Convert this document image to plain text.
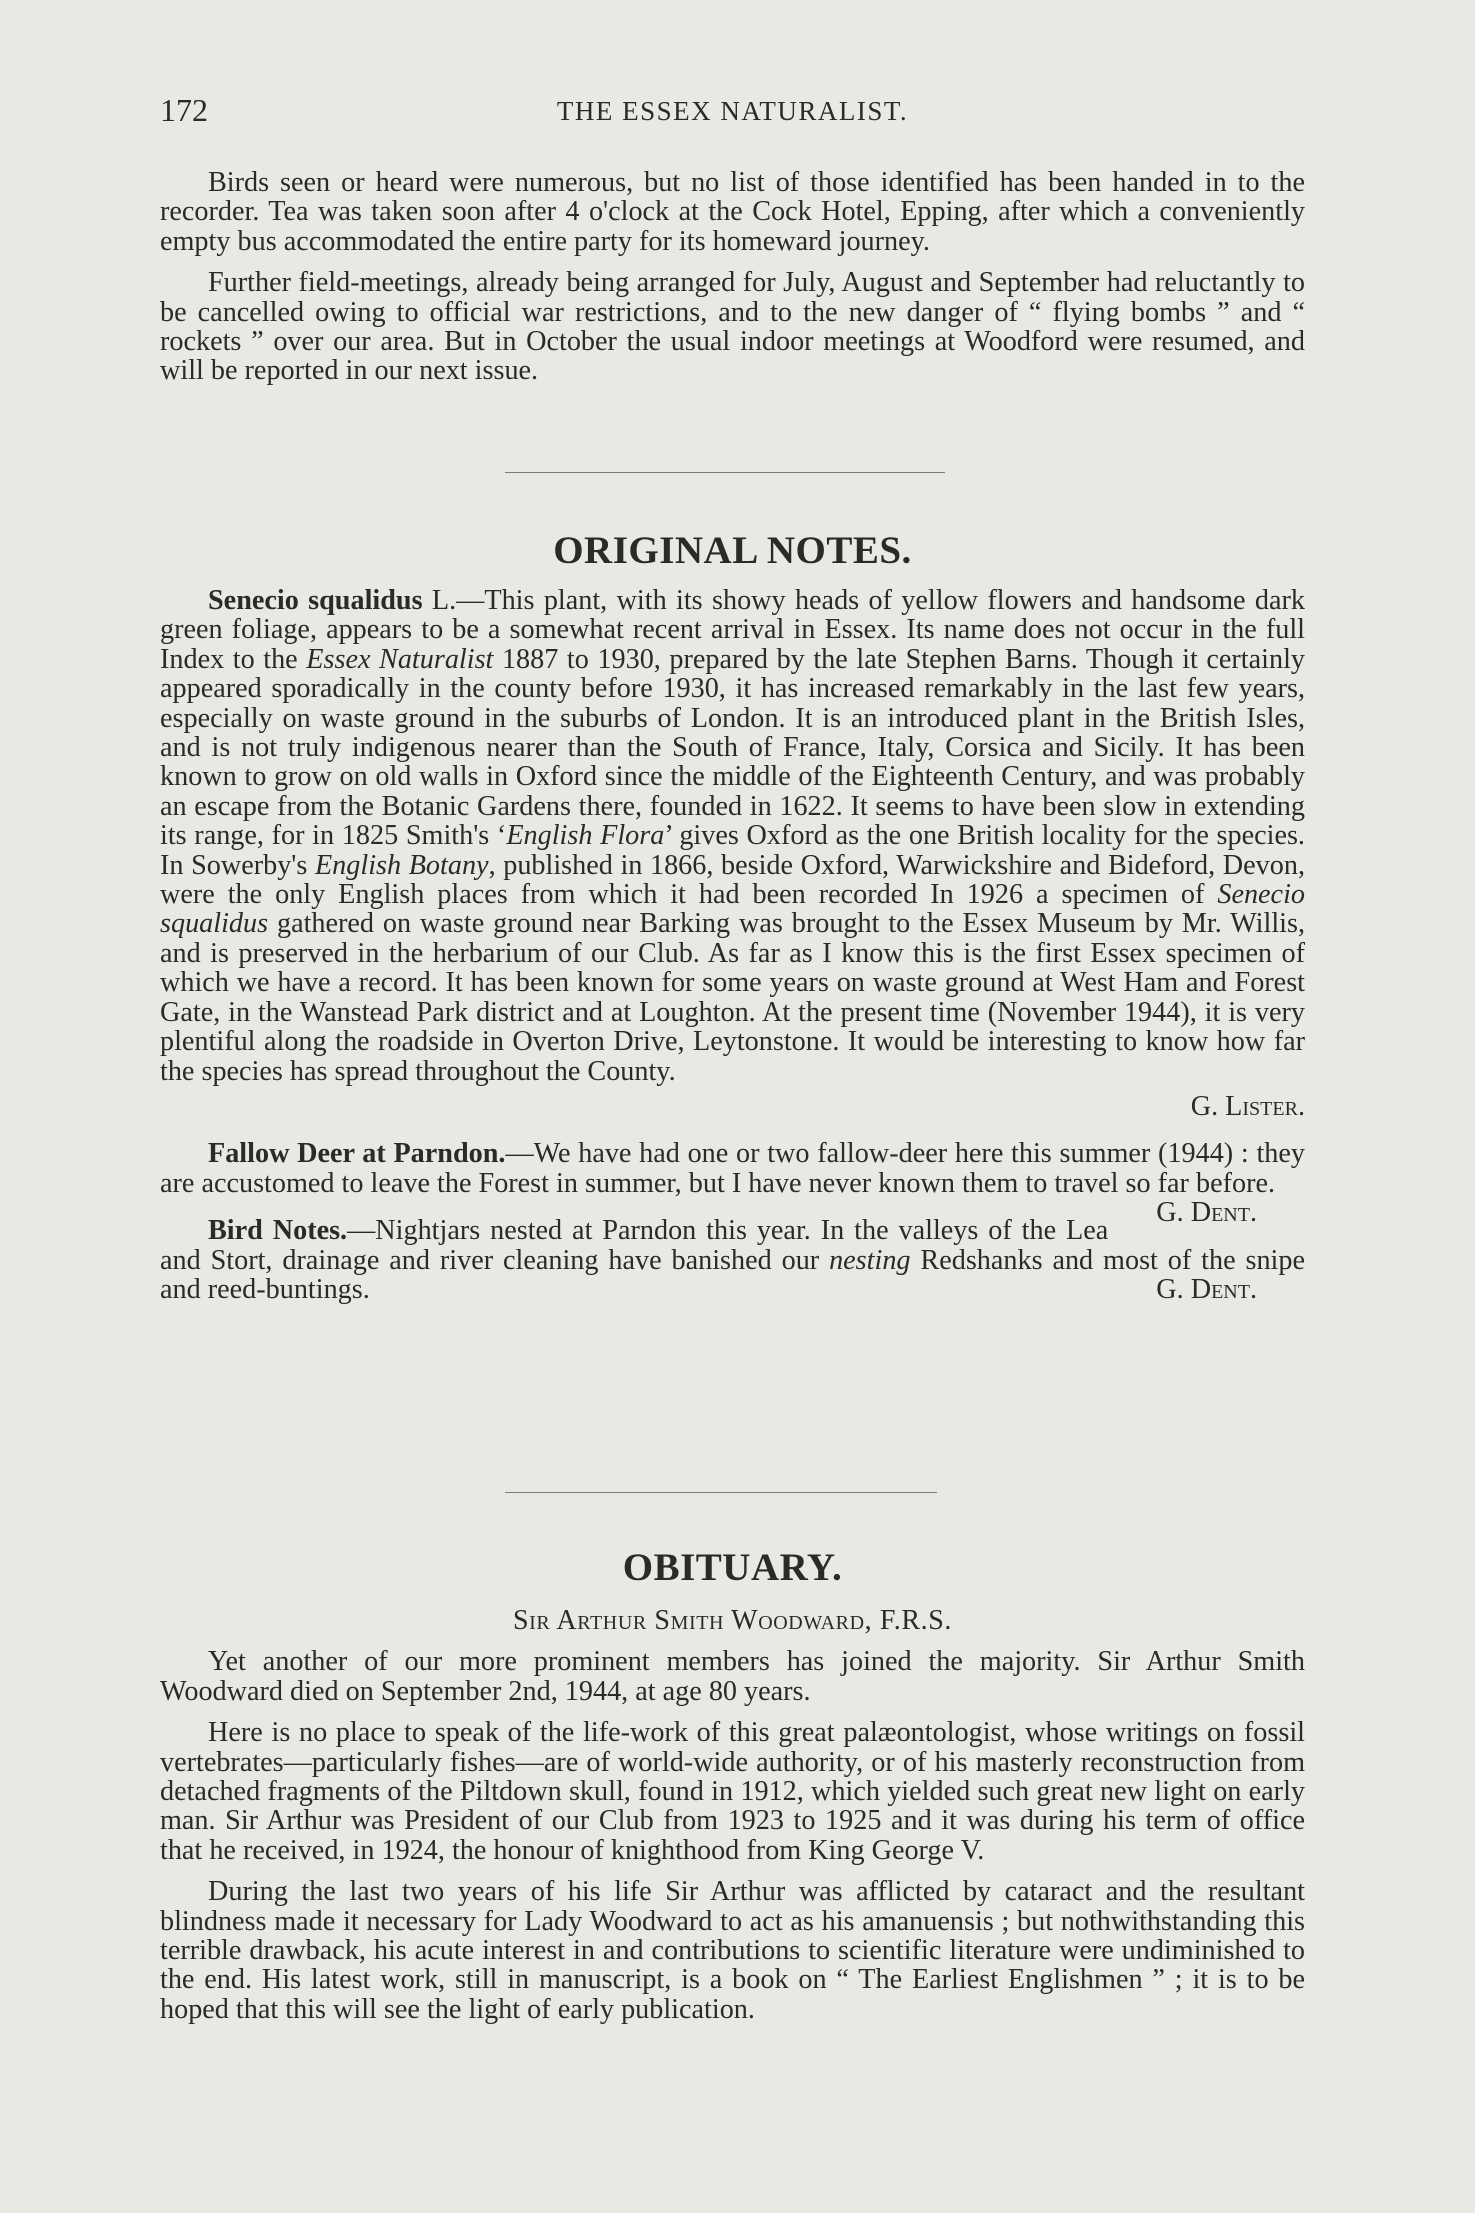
172	THE ESSEX NATURALIST.

Birds seen or heard were numerous, but no list of those identified has been handed in to the recorder. Tea was taken soon after 4 o'clock at the Cock Hotel, Epping, after which a conveniently empty bus accommodated the entire party for its homeward journey.

Further field-meetings, already being arranged for July, August and September had reluctantly to be cancelled owing to official war restrictions, and to the new danger of “ flying bombs ” and “ rockets ” over our area. But in October the usual indoor meetings at Woodford were resumed, and will be reported in our next issue.

ORIGINAL NOTES.

Senecio squalidus L.—This plant, with its showy heads of yellow flowers and handsome dark green foliage, appears to be a somewhat recent arrival in Essex. Its name does not occur in the full Index to the Essex Naturalist 1887 to 1930, prepared by the late Stephen Barns. Though it certainly appeared sporadically in the county before 1930, it has increased remarkably in the last few years, especially on waste ground in the suburbs of London. It is an introduced plant in the British Isles, and is not truly indigenous nearer than the South of France, Italy, Corsica and Sicily. It has been known to grow on old walls in Oxford since the middle of the Eighteenth Century, and was probably an escape from the Botanic Gardens there, founded in 1622. It seems to have been slow in extending its range, for in 1825 Smith's ‘English Flora’ gives Oxford as the one British locality for the species. In Sowerby's English Botany, published in 1866, beside Oxford, Warwickshire and Bideford, Devon, were the only English places from which it had been recorded In 1926 a specimen of Senecio squalidus gathered on waste ground near Barking was brought to the Essex Museum by Mr. Willis, and is preserved in the herbarium of our Club. As far as I know this is the first Essex specimen of which we have a record. It has been known for some years on waste ground at West Ham and Forest Gate, in the Wanstead Park district and at Loughton. At the present time (November 1944), it is very plentiful along the roadside in Overton Drive, Leytonstone. It would be interesting to know how far the species has spread throughout the County.

G. Lister.

Fallow Deer at Parndon.—We have had one or two fallow-deer here this summer (1944) : they are accustomed to leave the Forest in summer, but I have never known them to travel so far before.
G. Dent.

Bird Notes.—Nightjars nested at Parndon this year. In the valleys of the Lea and Stort, drainage and river cleaning have banished our nesting Redshanks and most of the snipe and reed-buntings.	G. Dent.

OBITUARY.
Sir Arthur Smith Woodward, F.R.S.

Yet another of our more prominent members has joined the majority. Sir Arthur Smith Woodward died on September 2nd, 1944, at age 80 years.

Here is no place to speak of the life-work of this great palæontologist, whose writings on fossil vertebrates—particularly fishes—are of world-wide authority, or of his masterly reconstruction from detached fragments of the Piltdown skull, found in 1912, which yielded such great new light on early man. Sir Arthur was President of our Club from 1923 to 1925 and it was during his term of office that he received, in 1924, the honour of knighthood from King George V.

During the last two years of his life Sir Arthur was afflicted by cataract and the resultant blindness made it necessary for Lady Woodward to act as his amanuensis ; but nothwithstanding this terrible drawback, his acute interest in and contributions to scientific literature were undiminished to the end. His latest work, still in manuscript, is a book on “ The Earliest Englishmen ” ; it is to be hoped that this will see the light of early publication.
